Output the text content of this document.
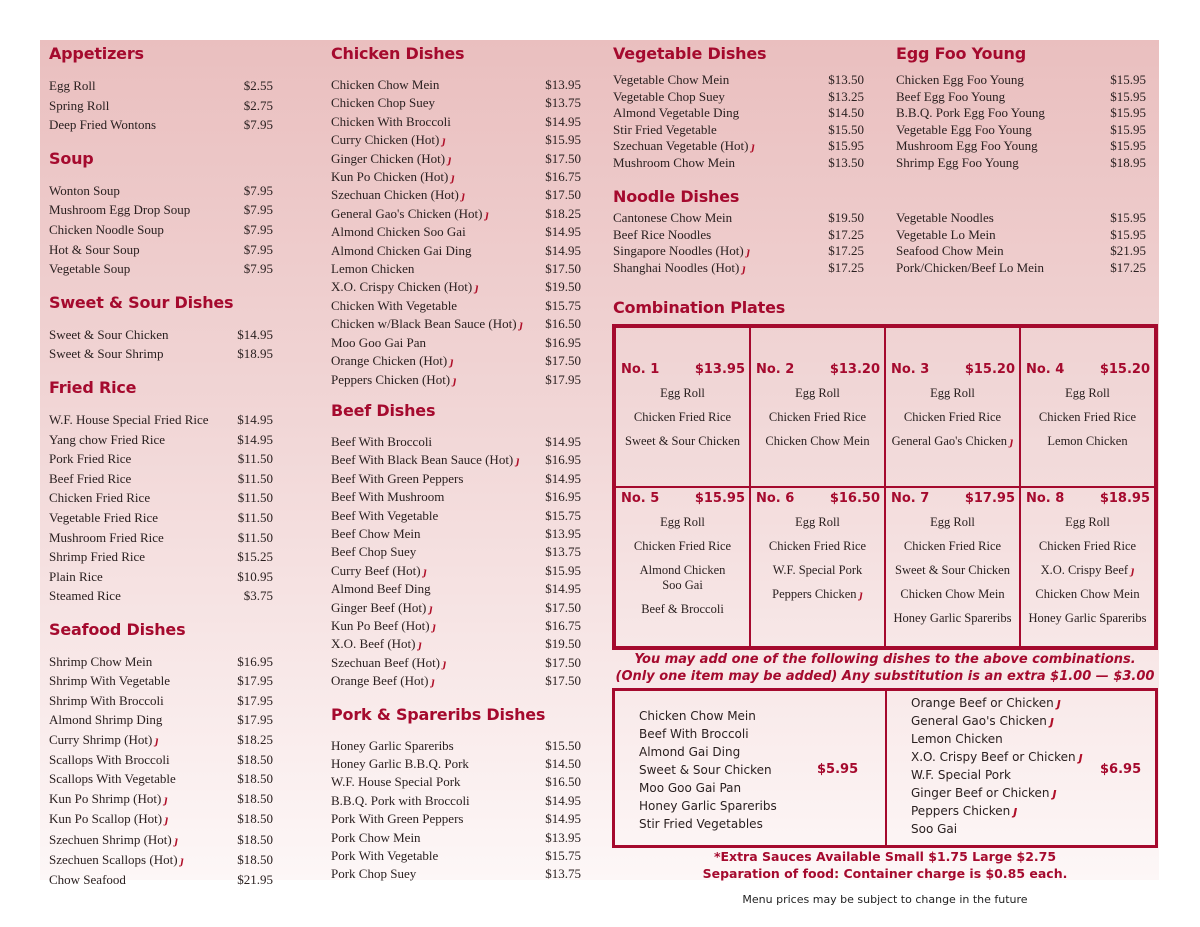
Appetizers
Egg Roll	$2.55
Spring Roll	$2.75
Deep Fried Wontons	$7.95
Soup
Wonton Soup	$7.95
Mushroom Egg Drop Soup	$7.95
Chicken Noodle Soup	$7.95
Hot & Sour Soup	$7.95
Vegetable Soup	$7.95
Sweet & Sour Dishes
Sweet & Sour Chicken	$14.95
Sweet & Sour Shrimp	$18.95
Fried Rice
W.F. House Special Fried Rice $14.95
Yang chow Fried Rice	$14.95
Pork Fried Rice	$11.50
Beef Fried Rice	$11.50
Chicken Fried Rice	$11.50
Vegetable Fried Rice	$11.50
Mushroom Fried Rice	$11.50
Shrimp Fried Rice	$15.25
Plain Rice	$10.95
Steamed Rice	$3.75
Seafood Dishes
Shrimp Chow Mein	$16.95
Shrimp With Vegetable	$17.95
Shrimp With Broccoli	$17.95
Almond Shrimp Ding	$17.95
Curry Shrimp (Hot) ȷ	$18.25
Scallops With Broccoli	$18.50
Scallops With Vegetable	$18.50
Kun Po Shrimp (Hot) ȷ	$18.50
Kun Po Scallop (Hot) ȷ	$18.50
Szechuen Shrimp (Hot) ȷ	$18.50
Szechuen Scallops (Hot) ȷ	$18.50
Chow Seafood	$21.95
Chicken Dishes
Chicken Chow Mein	$13.95
Chicken Chop Suey	$13.75
Chicken With Broccoli	$14.95
Curry Chicken (Hot) ȷ	$15.95
Ginger Chicken (Hot) ȷ	$17.50
Kun Po Chicken (Hot) ȷ	$16.75
Szechuan Chicken (Hot) ȷ	$17.50
General Gao's Chicken (Hot) ȷ	$18.25
Almond Chicken Soo Gai	$14.95
Almond Chicken Gai Ding	$14.95
Lemon Chicken	$17.50
X.O. Crispy Chicken (Hot) ȷ	$19.50
Chicken With Vegetable	$15.75
Chicken w/Black Bean Sauce (Hot) ȷ $16.50
Moo Goo Gai Pan	$16.95
Orange Chicken (Hot) ȷ	$17.50
Peppers Chicken (Hot) ȷ	$17.95
Beef Dishes
Beef With Broccoli	$14.95
Beef With Black Bean Sauce (Hot) ȷ $16.95
Beef With Green Peppers	$14.95
Beef With Mushroom	$16.95
Beef With Vegetable	$15.75
Beef Chow Mein	$13.95
Beef Chop Suey	$13.75
Curry Beef (Hot) ȷ	$15.95
Almond Beef Ding	$14.95
Ginger Beef (Hot) ȷ	$17.50
Kun Po Beef (Hot) ȷ	$16.75
X.O. Beef (Hot) ȷ	$19.50
Szechuan Beef (Hot) ȷ	$17.50
Orange Beef (Hot) ȷ	$17.50
Pork & Spareribs Dishes
Honey Garlic Spareribs	$15.50
Honey Garlic B.B.Q. Pork	$14.50
W.F. House Special Pork	$16.50
B.B.Q. Pork with Broccoli	$14.95
Pork With Green Peppers	$14.95
Pork Chow Mein	$13.95
Pork With Vegetable	$15.75
Pork Chop Suey	$13.75
Vegetable Dishes
Vegetable Chow Mein	$13.50
Vegetable Chop Suey	$13.25
Almond Vegetable Ding	$14.50
Stir Fried Vegetable	$15.50
Szechuan Vegetable (Hot) ȷ	$15.95
Mushroom Chow Mein	$13.50
Egg Foo Young
Chicken Egg Foo Young	$15.95
Beef Egg Foo Young	$15.95
B.B.Q. Pork Egg Foo Young	$15.95
Vegetable Egg Foo Young	$15.95
Mushroom Egg Foo Young	$15.95
Shrimp Egg Foo Young	$18.95
Noodle Dishes
Cantonese Chow Mein	$19.50
Beef Rice Noodles	$17.25
Singapore Noodles (Hot) ȷ	$17.25
Shanghai Noodles (Hot) ȷ	$17.25
Vegetable Noodles	$15.95
Vegetable Lo Mein	$15.95
Seafood Chow Mein	$21.95
Pork/Chicken/Beef Lo Mein	$17.25
Combination Plates
No. 1	$13.95
Egg Roll
Chicken Fried Rice
Sweet & Sour Chicken
No. 2	$13.20
Egg Roll
Chicken Fried Rice
Chicken Chow Mein
No. 3	$15.20
Egg Roll
Chicken Fried Rice
General Gao's Chicken ȷ
No. 4	$15.20
Egg Roll
Chicken Fried Rice
Lemon Chicken
No. 5	$15.95
Egg Roll
Chicken Fried Rice
Almond Chicken Soo Gai
Beef & Broccoli
No. 6	$16.50
Egg Roll
Chicken Fried Rice
W.F. Special Pork
Peppers Chicken ȷ
No. 7	$17.95
Egg Roll
Chicken Fried Rice
Sweet & Sour Chicken
Chicken Chow Mein
Honey Garlic Spareribs
No. 8	$18.95
Egg Roll
Chicken Fried Rice
X.O. Crispy Beef ȷ
Chicken Chow Mein
Honey Garlic Spareribs
You may add one of the following dishes to the above combinations.
(Only one item may be added) Any substitution is an extra $1.00 — $3.00
Chicken Chow Mein
Beef With Broccoli
Almond Gai Ding
Sweet & Sour Chicken
Moo Goo Gai Pan
Honey Garlic Spareribs
Stir Fried Vegetables
$5.95
Orange Beef or Chicken ȷ
General Gao's Chicken ȷ
Lemon Chicken
X.O. Crispy Beef or Chicken ȷ
W.F. Special Pork
Ginger Beef or Chicken ȷ
Peppers Chicken ȷ
Soo Gai
$6.95
*Extra Sauces Available Small $1.75 Large $2.75
Separation of food: Container charge is $0.85 each.
Menu prices may be subject to change in the future
